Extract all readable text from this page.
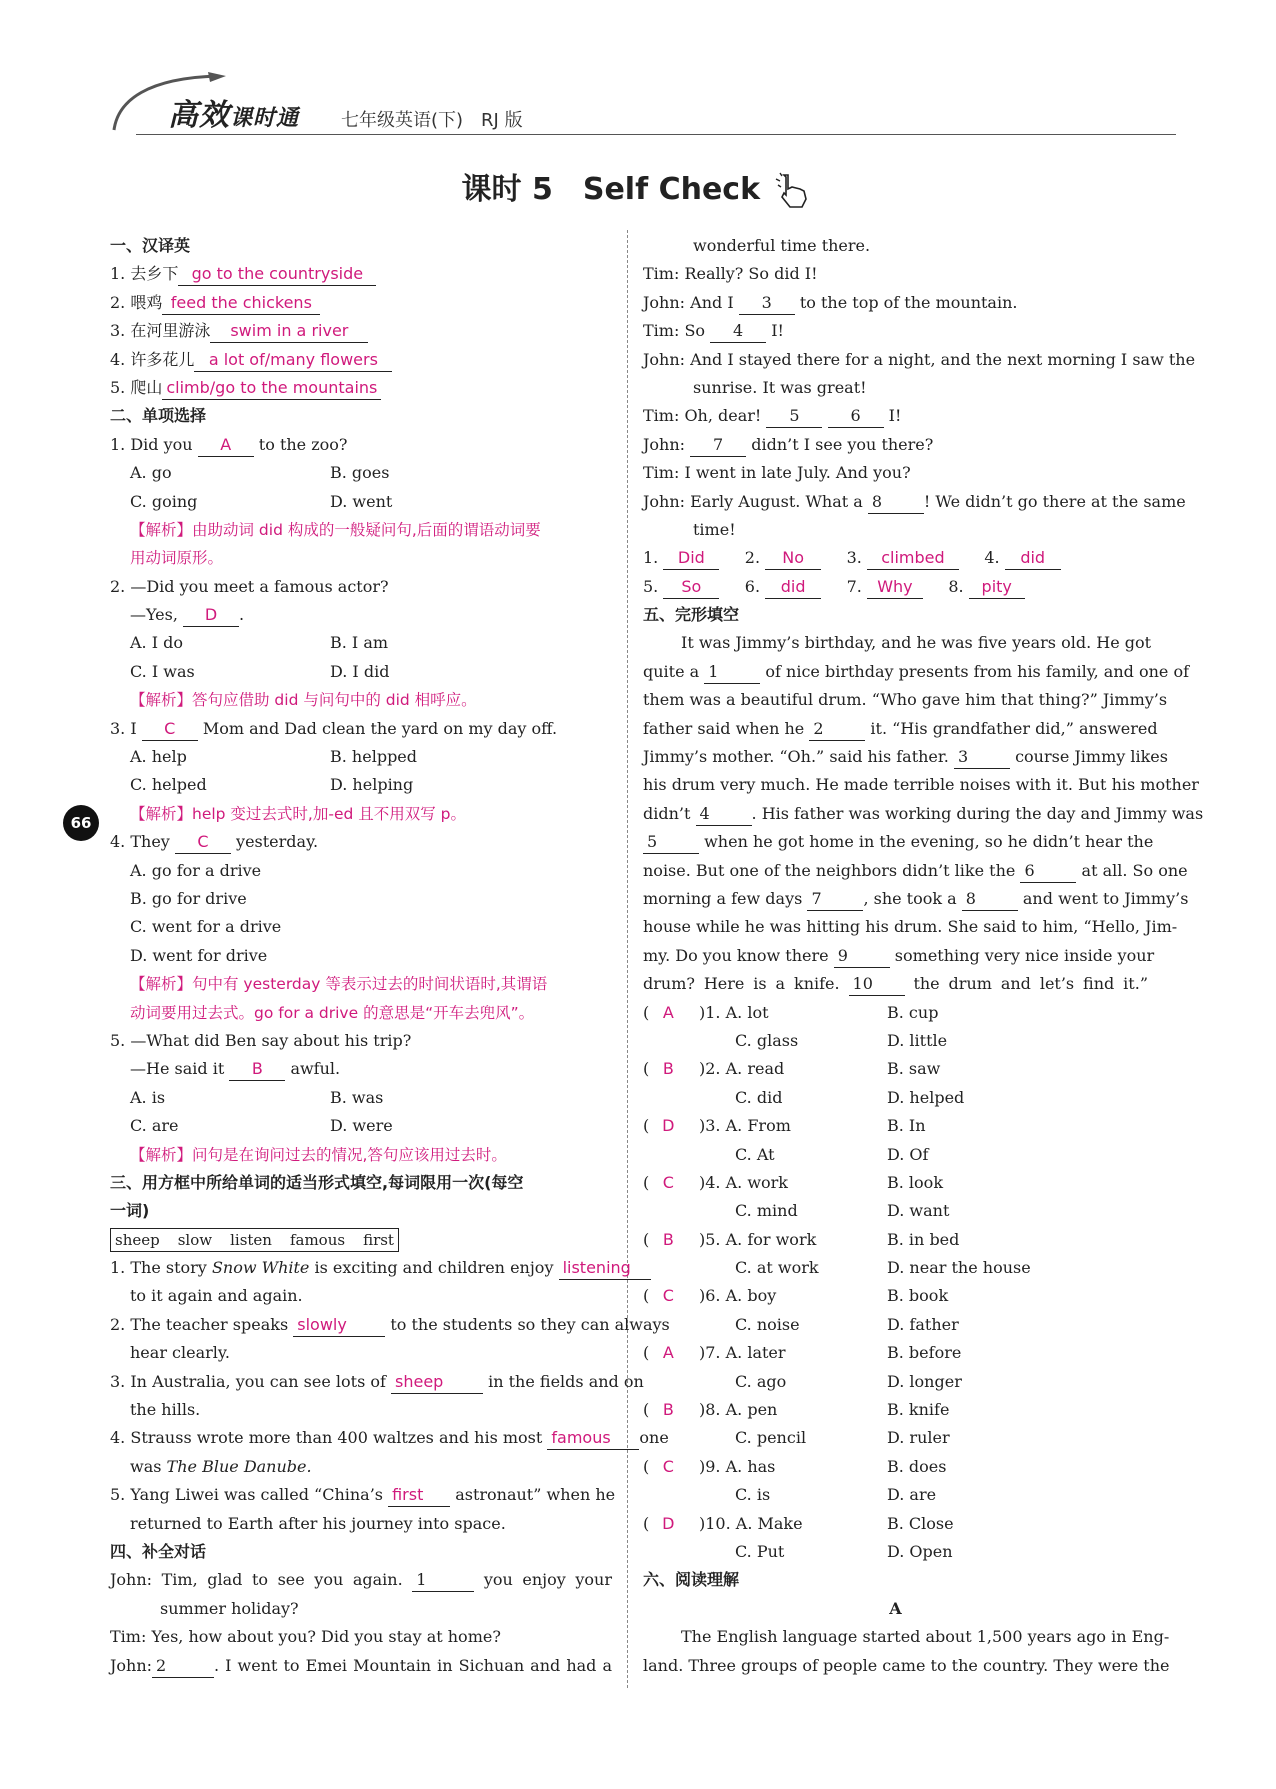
高效课时通 七年级英语(下)　RJ 版
课时 5　Self Check
66
一、汉译英
1. 去乡下 go to the countryside
2. 喂鸡 feed the chickens
3. 在河里游泳 swim in a river
4. 许多花儿 a lot of/many flowers
5. 爬山 climb/go to the mountains
二、单项选择
1. Did you A to the zoo?
A. go	B. goes
C. going	D. went
【解析】由助动词 did 构成的一般疑问句,后面的谓语动词要
用动词原形。
2. —Did you meet a famous actor?
—Yes, D .
A. I do	B. I am
C. I was	D. I did
【解析】答句应借助 did 与问句中的 did 相呼应。
3. I C Mom and Dad clean the yard on my day off.
A. help	B. helpped
C. helped	D. helping
【解析】help 变过去式时,加-ed 且不用双写 p。
4. They C yesterday.
A. go for a drive
B. go for drive
C. went for a drive
D. went for drive
【解析】句中有 yesterday 等表示过去的时间状语时,其谓语
动词要用过去式。go for a drive 的意思是“开车去兜风”。
5. —What did Ben say about his trip?
—He said it B awful.
A. is	B. was
C. are	D. were
【解析】问句是在询问过去的情况,答句应该用过去时。
三、用方框中所给单词的适当形式填空,每词限用一次(每空
一词)
sheep slow listen famous first
1. The story Snow White is exciting and children enjoy listening
to it again and again.
2. The teacher speaks slowly	to the students so they can always
hear clearly.
3. In Australia, you can see lots of sheep	in the fields and on
the hills.
4. Strauss wrote more than 400 waltzes and his most famous one
was The Blue Danube.
5. Yang Liwei was called “China’s first astronaut” when he
returned to Earth after his journey into space.
四、补全对话
John: Tim, glad to see you again. 1	you enjoy your
summer holiday?
Tim: Yes, how about you? Did you stay at home?
John: 2	. I went to Emei Mountain in Sichuan and had a
wonderful time there.
Tim: Really? So did I!
John: And I 3 to the top of the mountain.
Tim: So 4 I!
John: And I stayed there for a night, and the next morning I saw the
sunrise. It was great!
Tim: Oh, dear! 5	6 I!
John: 7 didn’t I see you there?
Tim: I went in late July. And you?
John: Early August. What a 8	! We didn’t go there at the same
time!
1. Did     2. No     3. climbed     4. did
5. So     6. did     7. Why     8. pity
五、完形填空
It was Jimmy’s birthday, and he was five years old. He got
quite a 1	of nice birthday presents from his family, and one of
them was a beautiful drum. “Who gave him that thing?” Jimmy’s
father said when he 2	it. “His grandfather did,” answered
Jimmy’s mother. “Oh.” said his father. 3	course Jimmy likes
his drum very much. He made terrible noises with it. But his mother
didn’t 4	. His father was working during the day and Jimmy was
5	when he got home in the evening, so he didn’t hear the
noise. But one of the neighbors didn’t like the 6	at all. So one
morning a few days 7	, she took a 8	and went to Jimmy’s
house while he was hitting his drum. She said to him, “Hello, Jim-
my. Do you know there 9	something very nice inside your
drum? Here is a knife. 10	the drum and let’s find it.”
( A )1. A. lot	B. cup
C. glass	D. little
( B )2. A. read	B. saw
C. did	D. helped
( D )3. A. From	B. In
C. At	D. Of
( C )4. A. work	B. look
C. mind	D. want
( B )5. A. for work	B. in bed
C. at work	D. near the house
( C )6. A. boy	B. book
C. noise	D. father
( A )7. A. later	B. before
C. ago	D. longer
( B )8. A. pen	B. knife
C. pencil	D. ruler
( C )9. A. has	B. does
C. is	D. are
( D )10. A. Make	B. Close
C. Put	D. Open
六、阅读理解
A
The English language started about 1,500 years ago in Eng-
land. Three groups of people came to the country. They were the
